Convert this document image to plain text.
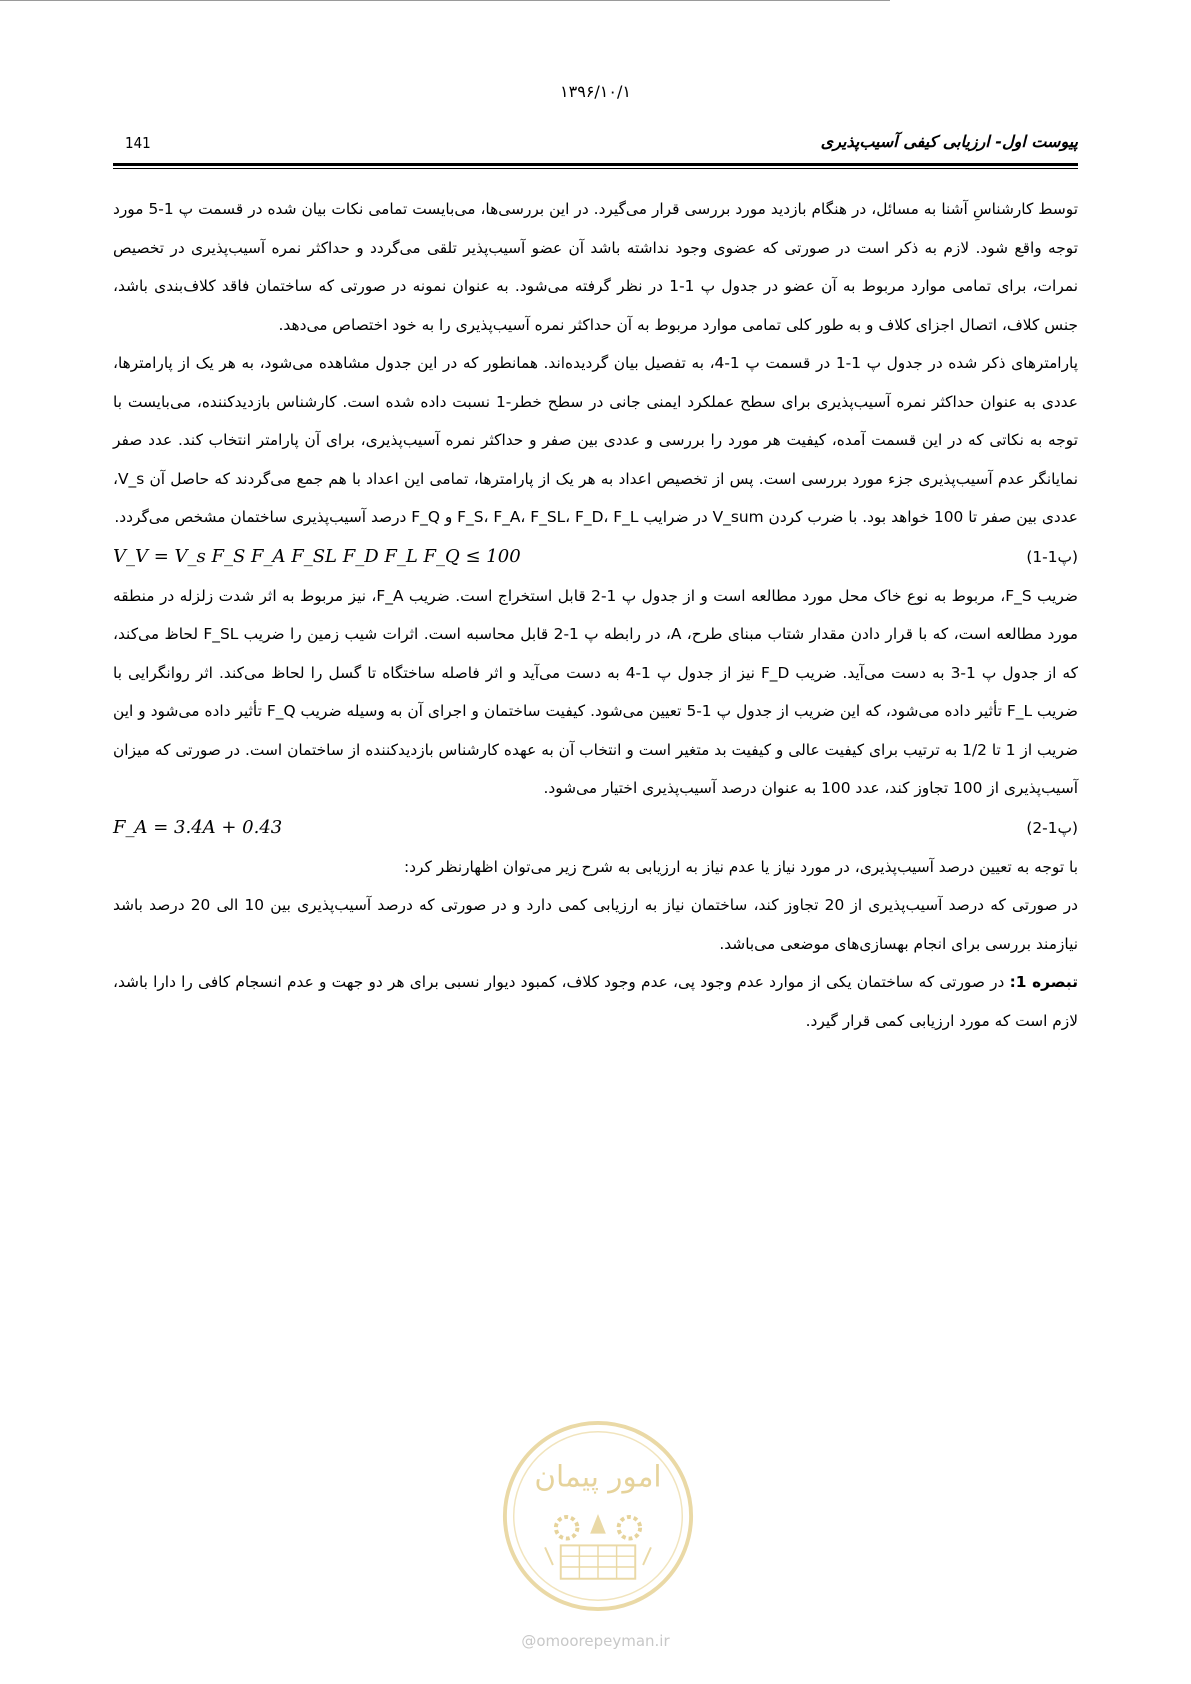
۱۳۹۶/۱۰/۱
141	پیوست اول- ارزیابی کیفی آسیب‌پذیری

توسط کارشناسِ آشنا به مسائل، در هنگام بازدید مورد بررسی قرار می‌گیرد. در این بررسی‌ها، می‌بایست تمامی نکات بیان شده در قسمت پ 1-5 مورد توجه واقع شود. لازم به ذکر است در صورتی که عضوی وجود نداشته باشد آن عضو آسیب‌پذیر تلقی می‌گردد و حداکثر نمره آسیب‌پذیری در تخصیص نمرات، برای تمامی موارد مربوط به آن عضو در جدول پ 1-1 در نظر گرفته می‌شود. به عنوان نمونه در صورتی که ساختمان فاقد کلاف‌بندی باشد، جنس کلاف، اتصال اجزای کلاف و به طور کلی تمامی موارد مربوط به آن حداکثر نمره آسیب‌پذیری را به خود اختصاص می‌دهد.

پارامترهای ذکر شده در جدول پ 1-1 در قسمت پ 1-4، به تفصیل بیان گردیده‌اند. همانطور که در این جدول مشاهده می‌شود، به هر یک از پارامترها، عددی به عنوان حداکثر نمره آسیب‌پذیری برای سطح عملکرد ایمنی جانی در سطح خطر-1 نسبت داده شده است. کارشناس بازدیدکننده، می‌بایست با توجه به نکاتی که در این قسمت آمده، کیفیت هر مورد را بررسی و عددی بین صفر و حداکثر نمره آسیب‌پذیری، برای آن پارامتر انتخاب کند. عدد صفر نمایانگر عدم آسیب‌پذیری جزء مورد بررسی است. پس از تخصیص اعداد به هر یک از پارامترها، تمامی این اعداد با هم جمع می‌گردند که حاصل آن V_s، عددی بین صفر تا 100 خواهد بود. با ضرب کردن V_sum در ضرایب F_S، F_A، F_SL، F_D، F_L و F_Q درصد آسیب‌پذیری ساختمان مشخص می‌گردد.

V_V = V_s F_S F_A F_SL F_D F_L F_Q ≤ 100	(پ1-1)

ضریب F_S، مربوط به نوع خاک محل مورد مطالعه است و از جدول پ 1-2 قابل استخراج است. ضریب F_A، نیز مربوط به اثر شدت زلزله در منطقه مورد مطالعه است، که با قرار دادن مقدار شتاب مبنای طرح، A، در رابطه پ 1-2 قابل محاسبه است. اثرات شیب زمین را ضریب F_SL لحاظ می‌کند، که از جدول پ 1-3 به دست می‌آید. ضریب F_D نیز از جدول پ 1-4 به دست می‌آید و اثر فاصله ساختگاه تا گسل را لحاظ می‌کند. اثر روانگرایی با ضریب F_L تأثیر داده می‌شود، که این ضریب از جدول پ 1-5 تعیین می‌شود. کیفیت ساختمان و اجرای آن به وسیله ضریب F_Q تأثیر داده می‌شود و این ضریب از 1 تا 1/2 به ترتیب برای کیفیت عالی و کیفیت بد متغیر است و انتخاب آن به عهده کارشناس بازدیدکننده از ساختمان است. در صورتی که میزان آسیب‌پذیری از 100 تجاوز کند، عدد 100 به عنوان درصد آسیب‌پذیری اختیار می‌شود.

F_A = 3.4A + 0.43	(پ1-2)

با توجه به تعیین درصد آسیب‌پذیری، در مورد نیاز یا عدم نیاز به ارزیابی به شرح زیر می‌توان اظهارنظر کرد:

در صورتی که درصد آسیب‌پذیری از 20 تجاوز کند، ساختمان نیاز به ارزیابی کمی دارد و در صورتی که درصد آسیب‌پذیری بین 10 الی 20 درصد باشد نیازمند بررسی برای انجام بهسازی‌های موضعی می‌باشد.

تبصره 1: در صورتی که ساختمان یکی از موارد عدم وجود پی، عدم وجود کلاف، کمبود دیوار نسبی برای هر دو جهت و عدم انسجام کافی را دارا باشد، لازم است که مورد ارزیابی کمی قرار گیرد.

امور پیمان
@omoorepeyman.ir
